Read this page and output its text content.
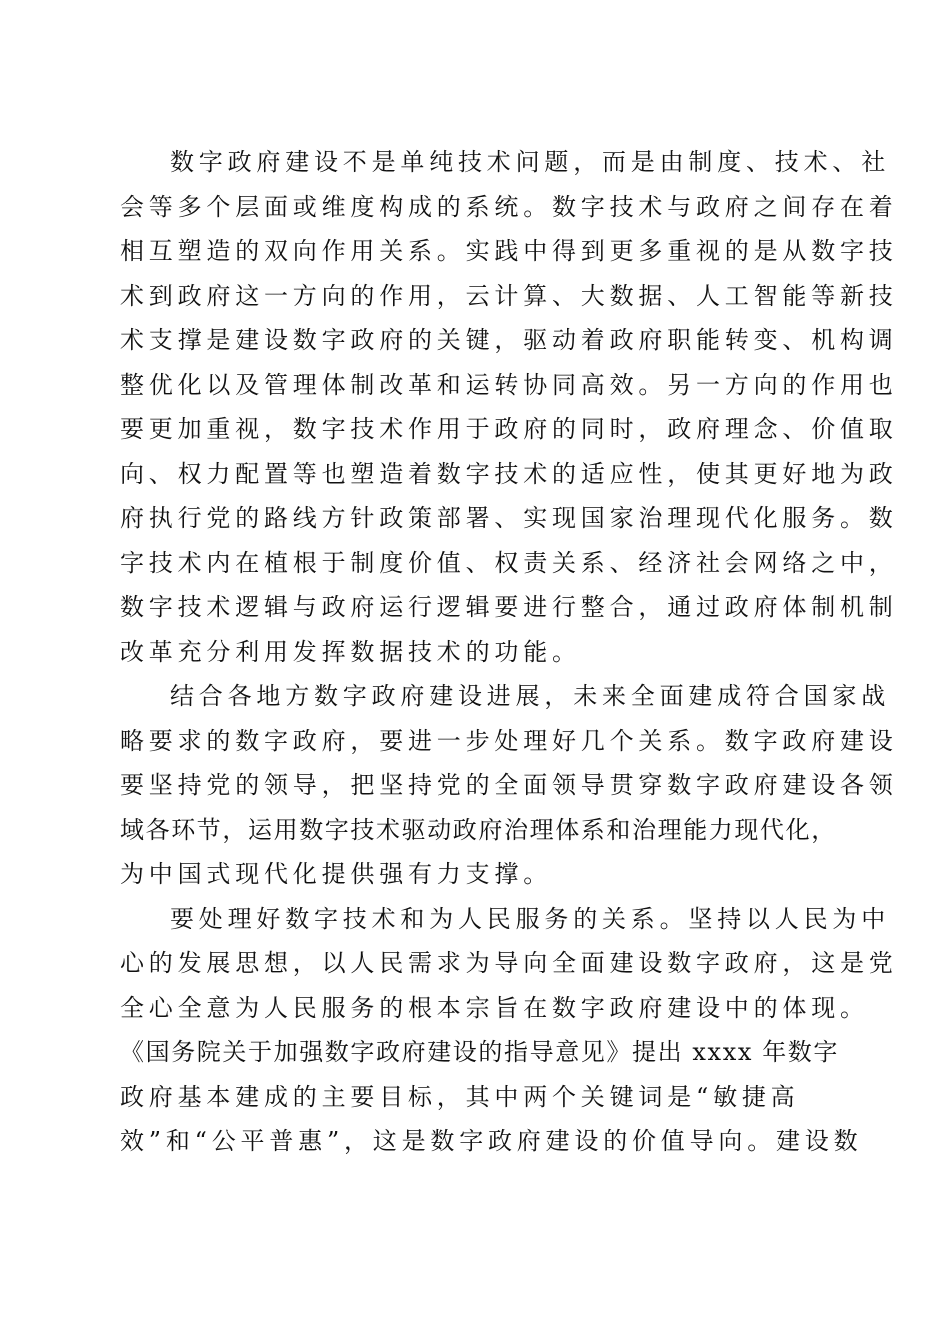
数字政府建设不是单纯技术问题，而是由制度、技术、社
会等多个层面或维度构成的系统。数字技术与政府之间存在着
相互塑造的双向作用关系。实践中得到更多重视的是从数字技
术到政府这一方向的作用，云计算、大数据、人工智能等新技
术支撑是建设数字政府的关键，驱动着政府职能转变、机构调
整优化以及管理体制改革和运转协同高效。另一方向的作用也
要更加重视，数字技术作用于政府的同时，政府理念、价值取
向、权力配置等也塑造着数字技术的适应性，使其更好地为政
府执行党的路线方针政策部署、实现国家治理现代化服务。数
字技术内在植根于制度价值、权责关系、经济社会网络之中，
数字技术逻辑与政府运行逻辑要进行整合，通过政府体制机制
改革充分利用发挥数据技术的功能。

结合各地方数字政府建设进展，未来全面建成符合国家战
略要求的数字政府，要进一步处理好几个关系。数字政府建设
要坚持党的领导，把坚持党的全面领导贯穿数字政府建设各领
域各环节，运用数字技术驱动政府治理体系和治理能力现代化，
为中国式现代化提供强有力支撑。

要处理好数字技术和为人民服务的关系。坚持以人民为中
心的发展思想，以人民需求为导向全面建设数字政府，这是党
全心全意为人民服务的根本宗旨在数字政府建设中的体现。
《国务院关于加强数字政府建设的指导意见》提出 xxxx 年数字
政府基本建成的主要目标，其中两个关键词是“敏捷高
效”和“公平普惠”，这是数字政府建设的价值导向。建设数
